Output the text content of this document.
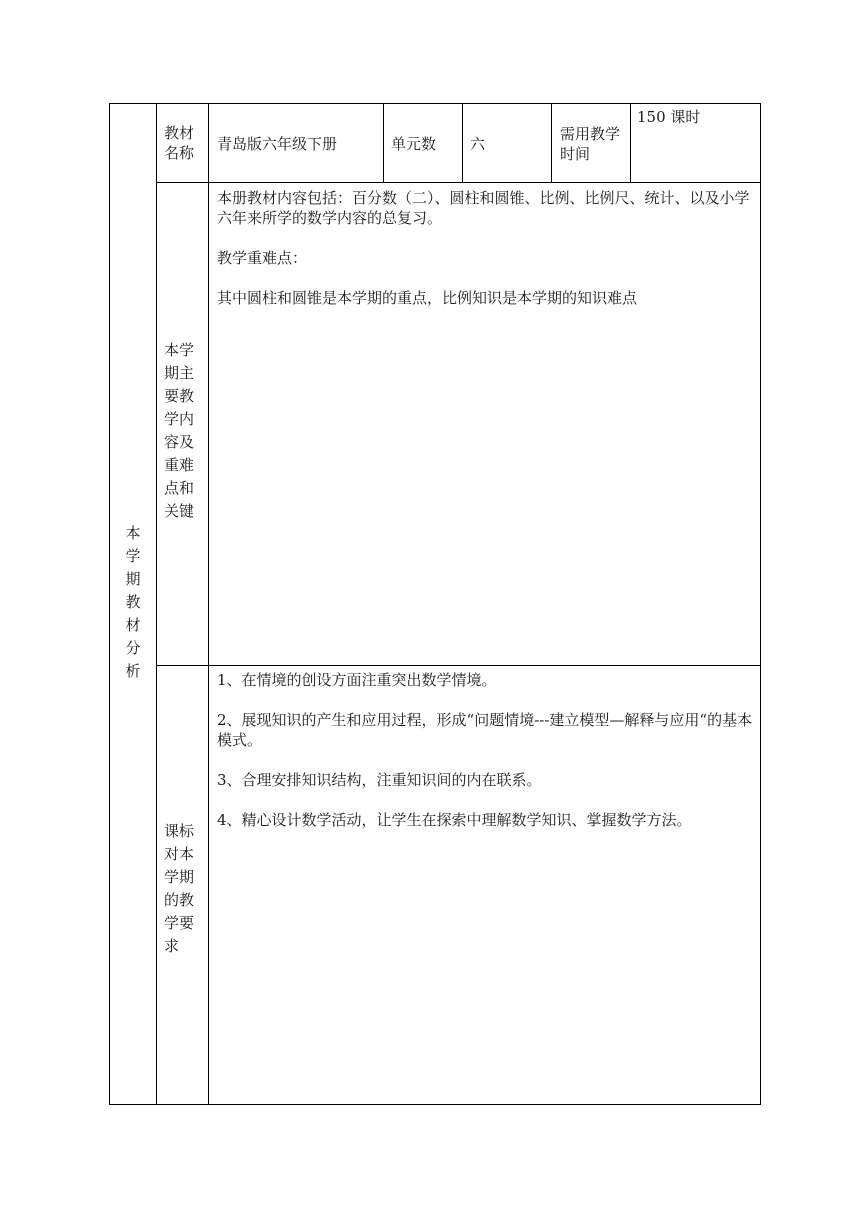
教材名称 青岛版六年级下册	单元数	六
需用教学时间
150 课时
本学期教材分析
本学期主要教学内容及重难点和关键

本册教材内容包括：百分数（二）、圆柱和圆锥、比例、比例尺、统计、以及小学六年来所学的数学内容的总复习。

教学重难点：

其中圆柱和圆锥是本学期的重点，比例知识是本学期的知识难点

课标对本学期的教学要求

1、在情境的创设方面注重突出数学情境。

2、展现知识的产生和应用过程，形成“问题情境---建立模型—解释与应用“的基本模式。

3、合理安排知识结构，注重知识间的内在联系。

4、精心设计数学活动，让学生在探索中理解数学知识、掌握数学方法。
